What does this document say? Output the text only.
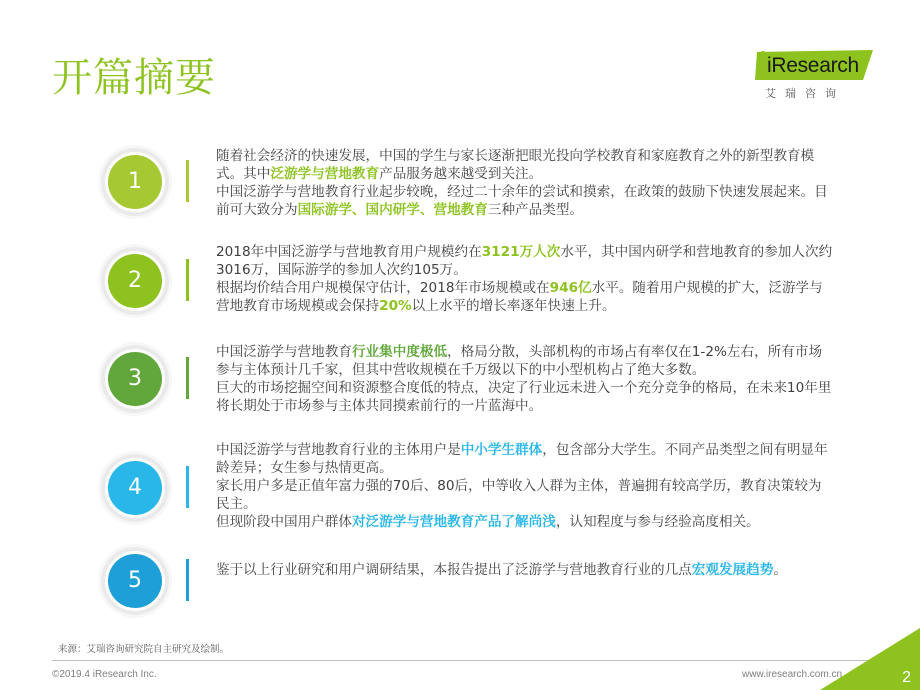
开篇摘要	iResearch
艾瑞咨询
1

随着社会经济的快速发展，中国的学生与家长逐渐把眼光投向学校教育和家庭教育之外的新型教育模式。其中泛游学与营地教育产品服务越来越受到关注。

中国泛游学与营地教育行业起步较晚，经过二十余年的尝试和摸索，在政策的鼓励下快速发展起来。目前可大致分为国际游学、国内研学、营地教育三种产品类型。

2

2018年中国泛游学与营地教育用户规模约在3121万人次水平，其中国内研学和营地教育的参加人次约3016万，国际游学的参加人次约105万。

根据均价结合用户规模保守估计，2018年市场规模或在946亿水平。随着用户规模的扩大，泛游学与营地教育市场规模或会保持20%以上水平的增长率逐年快速上升。

3

中国泛游学与营地教育行业集中度极低，格局分散，头部机构的市场占有率仅在1-2%左右，所有市场参与主体预计几千家，但其中营收规模在千万级以下的中小型机构占了绝大多数。

巨大的市场挖掘空间和资源整合度低的特点，决定了行业远未进入一个充分竞争的格局，在未来10年里将长期处于市场参与主体共同摸索前行的一片蓝海中。

4

中国泛游学与营地教育行业的主体用户是中小学生群体，包含部分大学生。不同产品类型之间有明显年龄差异；女生参与热情更高。

家长用户多是正值年富力强的70后、80后，中等收入人群为主体，普遍拥有较高学历，教育决策较为民主。

但现阶段中国用户群体对泛游学与营地教育产品了解尚浅，认知程度与参与经验高度相关。

5	鉴于以上行业研究和用户调研结果，本报告提出了泛游学与营地教育行业的几点宏观发展趋势。

来源：艾瑞咨询研究院自主研究及绘制。
©2019.4 iResearch Inc.	www.iresearch.com.cn	2
